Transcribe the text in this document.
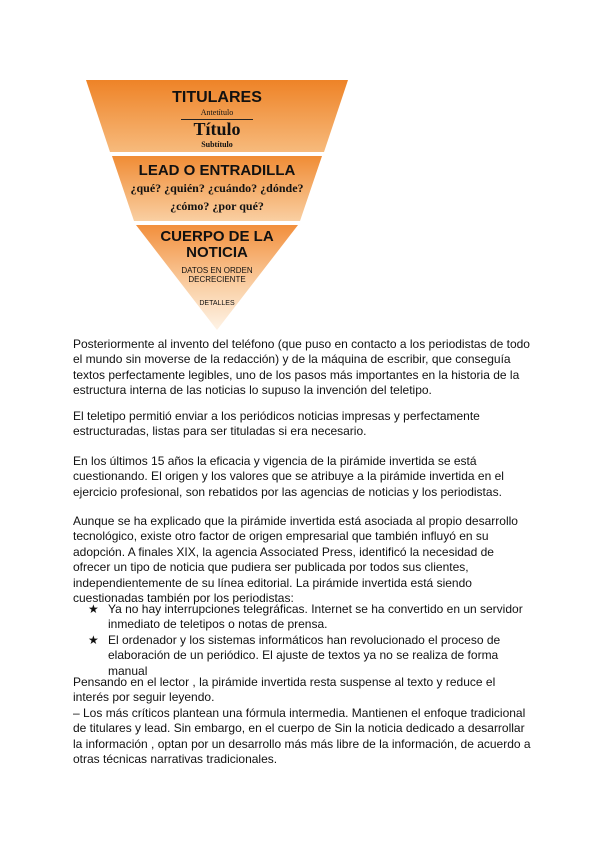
TITULARES
Antetítulo
Título
Subtítulo
LEAD O ENTRADILLA
¿qué? ¿quién? ¿cuándo? ¿dónde?
¿cómo? ¿por qué?
CUERPO DE LA
NOTICIA
DATOS EN ORDEN
DECRECIENTE
DETALLES

Posteriormente al invento del teléfono (que puso en contacto a los periodistas de todo el mundo sin moverse de la redacción) y de la máquina de escribir, que conseguía textos perfectamente legibles, uno de los pasos más importantes en la historia de la estructura interna de las noticias lo supuso la invención del teletipo.

El teletipo permitió enviar a los periódicos noticias impresas y perfectamente estructuradas, listas para ser tituladas si era necesario.

En los últimos 15 años la eficacia y vigencia de la pirámide invertida se está cuestionando. El origen y los valores que se atribuye a la pirámide invertida en el ejercicio profesional, son rebatidos por las agencias de noticias y los periodistas.

Aunque se ha explicado que la pirámide invertida está asociada al propio desarrollo tecnológico, existe otro factor de origen empresarial que también influyó en su adopción. A finales XIX, la agencia Associated Press, identificó la necesidad de ofrecer un tipo de noticia que pudiera ser publicada por todos sus clientes, independientemente de su línea editorial. La pirámide invertida está siendo cuestionadas también por los periodistas:

★ Ya no hay interrupciones telegráficas. Internet se ha convertido en un servidor inmediato de teletipos o notas de prensa.
★ El ordenador y los sistemas informáticos han revolucionado el proceso de elaboración de un periódico. El ajuste de textos ya no se realiza de forma manual

Pensando en el lector , la pirámide invertida resta suspense al texto y reduce el interés por seguir leyendo.

– Los más críticos plantean una fórmula intermedia. Mantienen el enfoque tradicional de titulares y lead. Sin embargo, en el cuerpo de Sin la noticia dedicado a desarrollar la información , optan por un desarrollo más más libre de la información, de acuerdo a otras técnicas narrativas tradicionales.
